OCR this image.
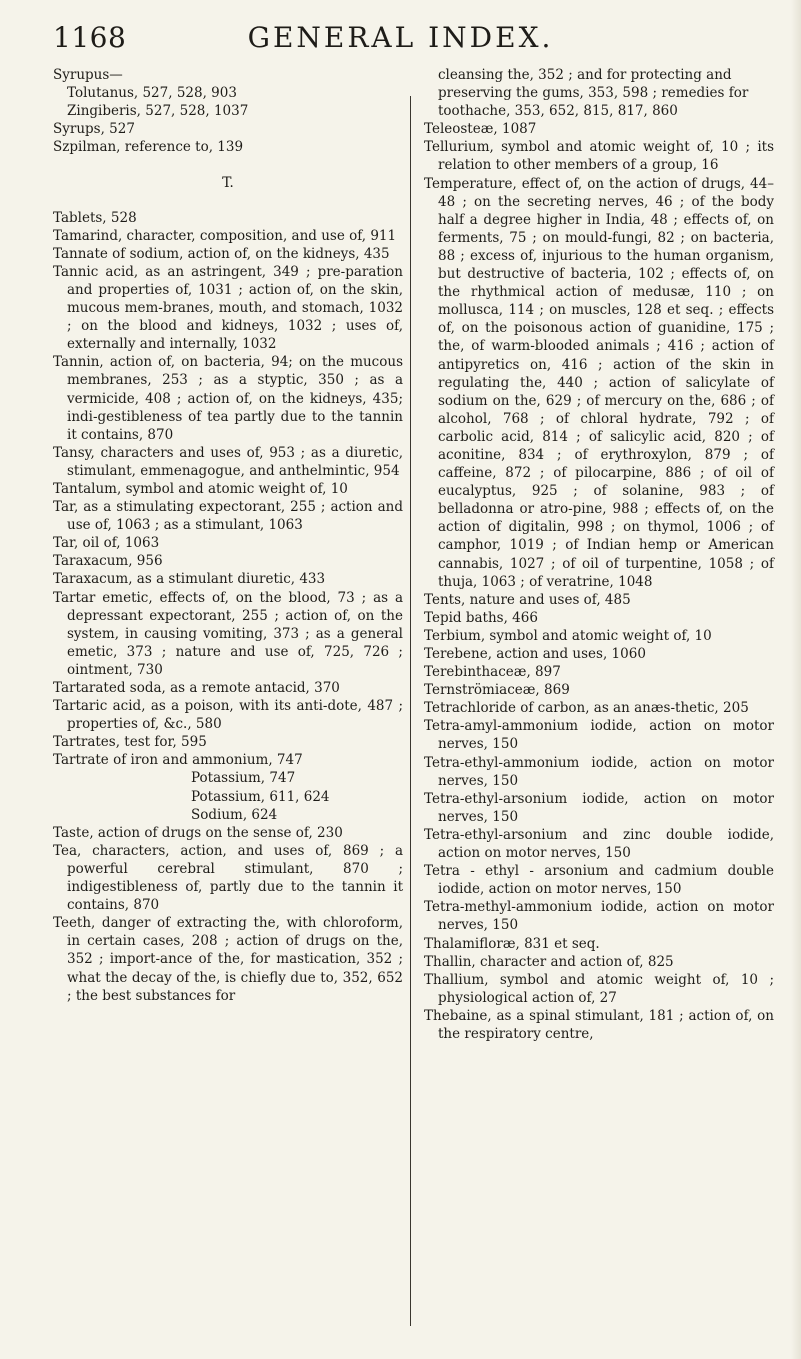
1168	GENERAL INDEX.

Syrupus—

Tolutanus, 527, 528, 903

Zingiberis, 527, 528, 1037

Syrups, 527

Szpilman, reference to, 139

T.

Tablets, 528

Tamarind, character, composition, and use of, 911

Tannate of sodium, action of, on the kidneys, 435

Tannic acid, as an astringent, 349 ; pre-paration and properties of, 1031 ; action of, on the skin, mucous mem-branes, mouth, and stomach, 1032 ; on the blood and kidneys, 1032 ; uses of, externally and internally, 1032

Tannin, action of, on bacteria, 94; on the mucous membranes, 253 ; as a styptic, 350 ; as a vermicide, 408 ; action of, on the kidneys, 435; indi-gestibleness of tea partly due to the tannin it contains, 870

Tansy, characters and uses of, 953 ; as a diuretic, stimulant, emmenagogue, and anthelmintic, 954

Tantalum, symbol and atomic weight of, 10

Tar, as a stimulating expectorant, 255 ; action and use of, 1063 ; as a stimulant, 1063

Tar, oil of, 1063

Taraxacum, 956

Taraxacum, as a stimulant diuretic, 433

Tartar emetic, effects of, on the blood, 73 ; as a depressant expectorant, 255 ; action of, on the system, in causing vomiting, 373 ; as a general emetic, 373 ; nature and use of, 725, 726 ; ointment, 730

Tartarated soda, as a remote antacid, 370

Tartaric acid, as a poison, with its anti-dote, 487 ; properties of, &c., 580

Tartrates, test for, 595

Tartrate of iron and ammonium, 747

Potassium, 747

Potassium, 611, 624

Sodium, 624

Taste, action of drugs on the sense of, 230

Tea, characters, action, and uses of, 869 ; a powerful cerebral stimulant, 870 ; indigestibleness of, partly due to the tannin it contains, 870

Teeth, danger of extracting the, with chloroform, in certain cases, 208 ; action of drugs on the, 352 ; import-ance of the, for mastication, 352 ; what the decay of the, is chiefly due to, 352, 652 ; the best substances for

cleansing the, 352 ; and for protecting and preserving the gums, 353, 598 ; remedies for toothache, 353, 652, 815, 817, 860

Teleosteæ, 1087

Tellurium, symbol and atomic weight of, 10 ; its relation to other members of a group, 16

Temperature, effect of, on the action of drugs, 44–48 ; on the secreting nerves, 46 ; of the body half a degree higher in India, 48 ; effects of, on ferments, 75 ; on mould-fungi, 82 ; on bacteria, 88 ; excess of, injurious to the human organism, but destructive of bacteria, 102 ; effects of, on the rhythmical action of medusæ, 110 ; on mollusca, 114 ; on muscles, 128 et seq. ; effects of, on the poisonous action of guanidine, 175 ; the, of warm-blooded animals ; 416 ; action of antipyretics on, 416 ; action of the skin in regulating the, 440 ; action of salicylate of sodium on the, 629 ; of mercury on the, 686 ; of alcohol, 768 ; of chloral hydrate, 792 ; of carbolic acid, 814 ; of salicylic acid, 820 ; of aconitine, 834 ; of erythroxylon, 879 ; of caffeine, 872 ; of pilocarpine, 886 ; of oil of eucalyptus, 925 ; of solanine, 983 ; of belladonna or atro-pine, 988 ; effects of, on the action of digitalin, 998 ; on thymol, 1006 ; of camphor, 1019 ; of Indian hemp or American cannabis, 1027 ; of oil of turpentine, 1058 ; of thuja, 1063 ; of veratrine, 1048

Tents, nature and uses of, 485

Tepid baths, 466

Terbium, symbol and atomic weight of, 10

Terebene, action and uses, 1060

Terebinthaceæ, 897

Ternströmiaceæ, 869

Tetrachloride of carbon, as an anæs-thetic, 205

Tetra-amyl-ammonium iodide, action on motor nerves, 150

Tetra-ethyl-ammonium iodide, action on motor nerves, 150

Tetra-ethyl-arsonium iodide, action on motor nerves, 150

Tetra-ethyl-arsonium and zinc double iodide, action on motor nerves, 150

Tetra - ethyl - arsonium and cadmium double iodide, action on motor nerves, 150

Tetra-methyl-ammonium iodide, action on motor nerves, 150

Thalamifloræ, 831 et seq.

Thallin, character and action of, 825

Thallium, symbol and atomic weight of, 10 ; physiological action of, 27

Thebaine, as a spinal stimulant, 181 ; action of, on the respiratory centre,
